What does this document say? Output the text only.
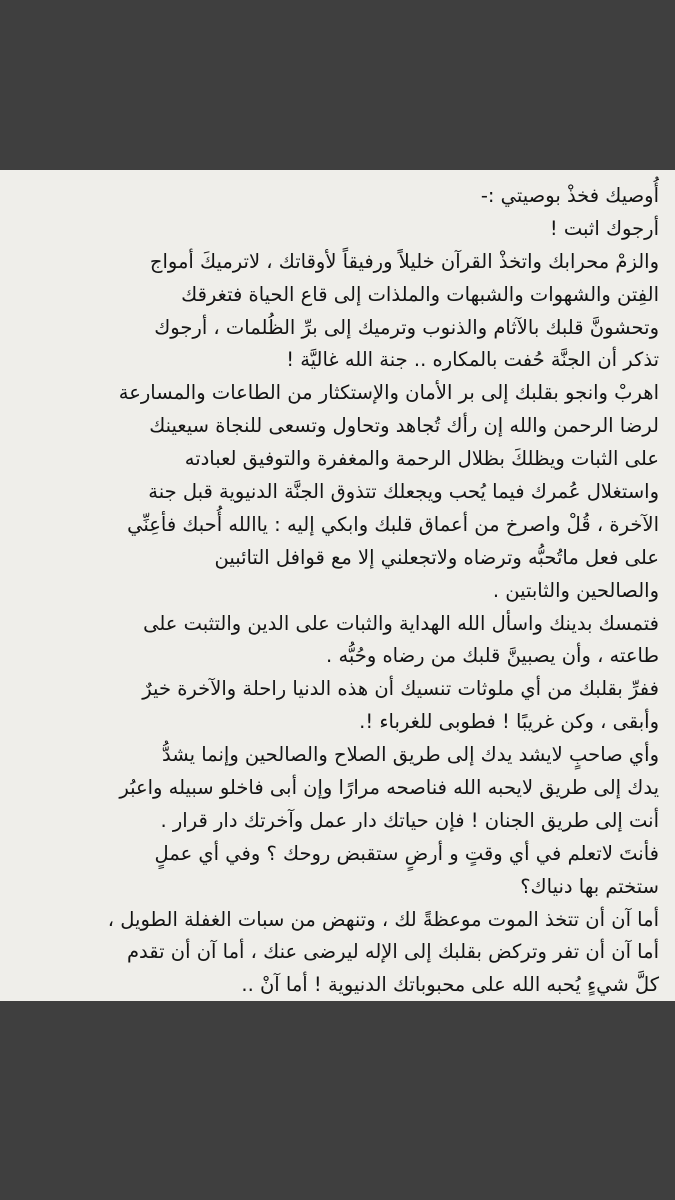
أُوصيك فخذْ بوصيتي :-
أرجوك اثبت !
والزمْ محرابك واتخذْ القرآن خليلاً ورفيقاً لأوقاتك ، لاترميكَ أمواج
الفِتن والشهوات والشبهات والملذات إلى قاع الحياة فتغرقك
وتحشونَّ قلبك بالآثام والذنوب وترميك إلى برِّ الظُلمات ، أرجوك
تذكر أن الجنَّة حُفت بالمكاره .. جنة الله غاليَّة !
اهربْ وانجو بقلبك إلى بر الأمان والإستكثار من الطاعات والمسارعة
لرضا الرحمن والله إن رأك تُجاهد وتحاول وتسعى للنجاة سيعينك
على الثبات ويظلكَ بظلال الرحمة والمغفرة والتوفيق لعبادته
واستغلال عُمرك فيما يُحب ويجعلك تتذوق الجنَّة الدنيوية قبل جنة
الآخرة ، قُلْ واصرخ من أعماق قلبك وابكي إليه : ياالله أُحبك فأعِنِّي
على فعل ماتُحبُّه وترضاه ولاتجعلني إلا مع قوافل التائبين
والصالحين والثابتين .
فتمسك بدينك واسأل الله الهداية والثبات على الدين والتثبت على
طاعته ، وأن يصبينَّ قلبك من رضاه وحُبُّه .
ففرِّ بقلبك من أي ملوثات تنسيك أن هذه الدنيا راحلة والآخرة خيرٌ
وأبقى ، وكن غريبًا ! فطوبى للغرباء !.
وأي صاحبٍ لايشد يدك إلى طريق الصلاح والصالحين وإنما يشدُّ
يدك إلى طريق لايحبه الله فناصحه مرارًا وإن أبى فاخلو سبيله واعبُر
أنت إلى طريق الجنان ! فإن حياتك دار عمل وآخرتك دار قرار .
فأنتَ لاتعلم في أي وقتٍ و أرضٍ ستقبض روحك ؟ وفي أي عملٍ
ستختم بها دنياك؟
أما آن أن تتخذ الموت موعظةً لك ، وتنهض من سبات الغفلة الطويل ،
أما آن أن تفر وتركض بقلبك إلى الإله ليرضى عنك ، أما آن أن تقدم
كلَّ شيءٍ يُحبه الله على محبوباتك الدنيوية ! أما آنْ ..
